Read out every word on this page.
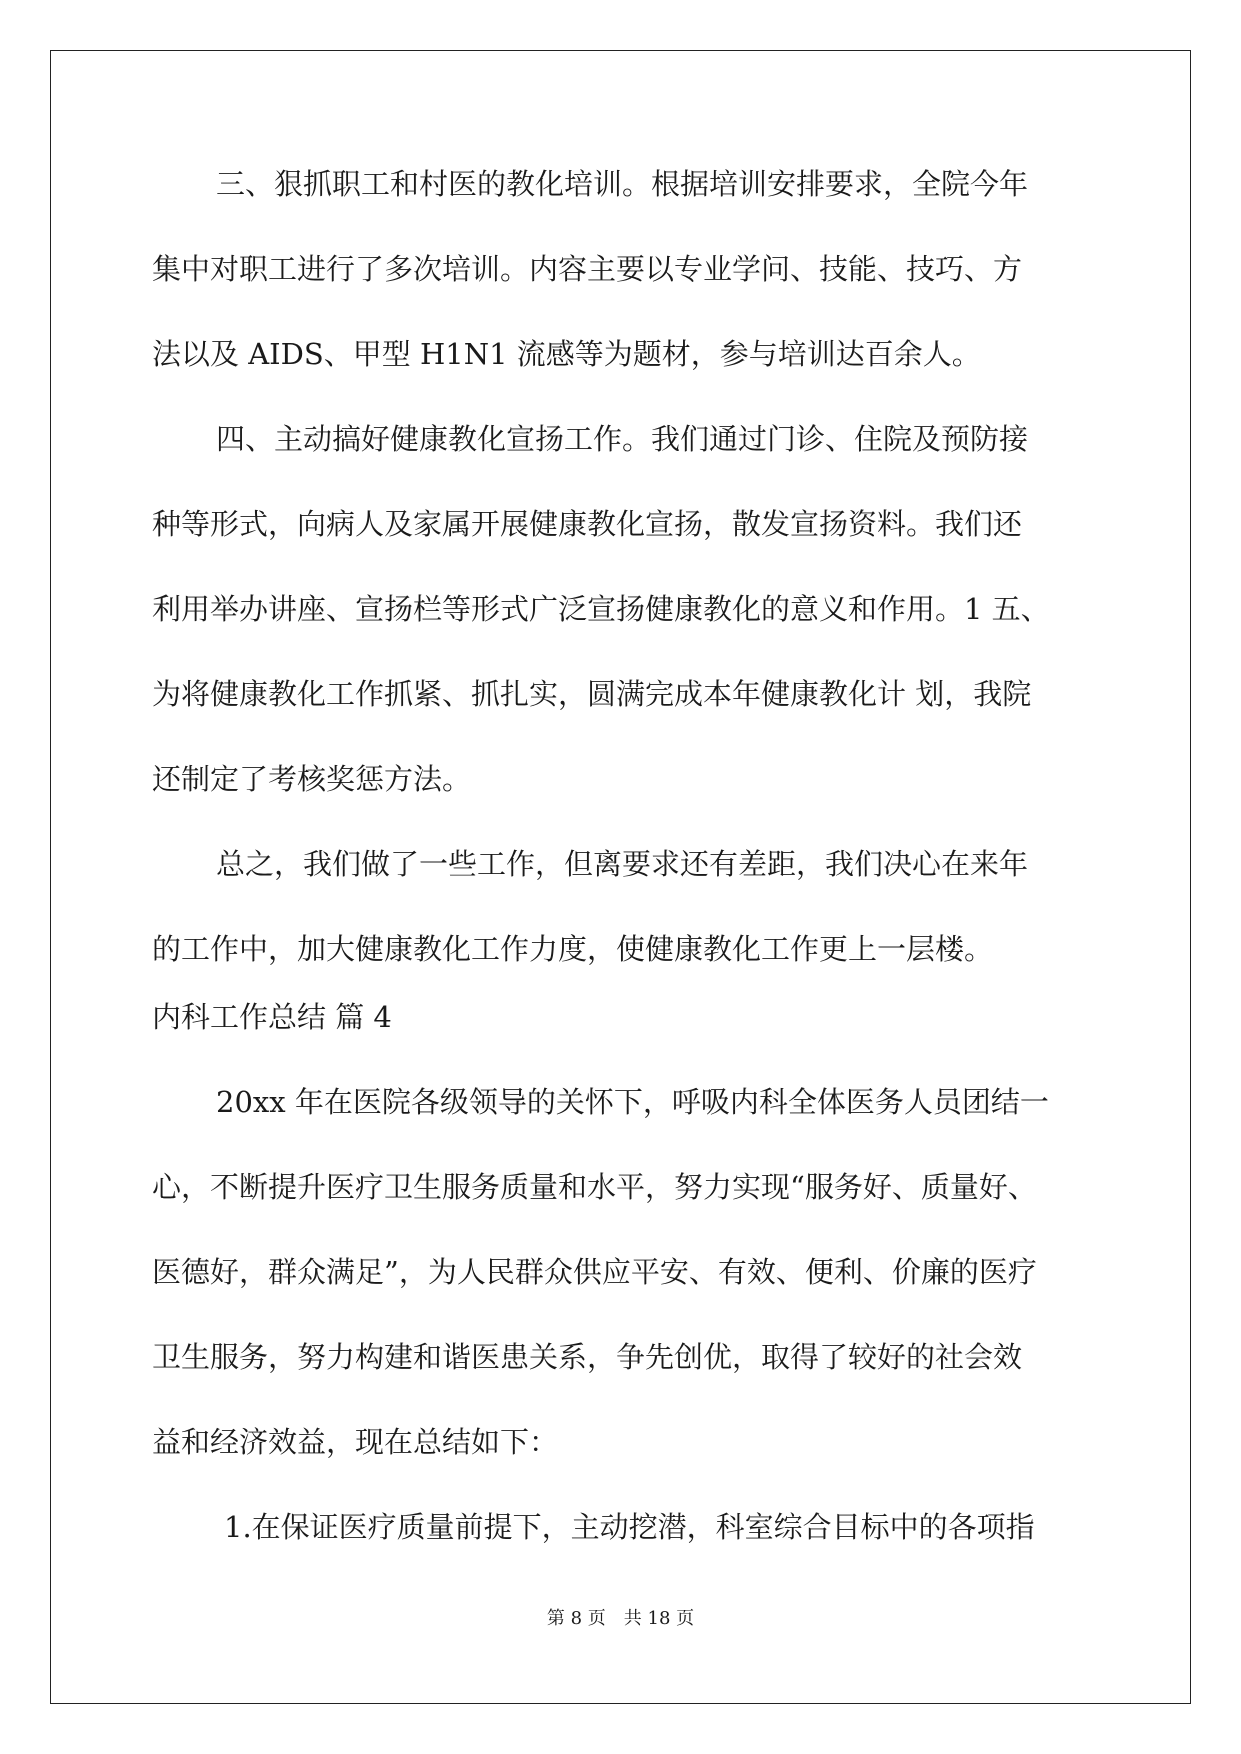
三、狠抓职工和村医的教化培训。根据培训安排要求，全院今年
集中对职工进行了多次培训。内容主要以专业学问、技能、技巧、方
法以及 AIDS、甲型 H1N1 流感等为题材，参与培训达百余人。
四、主动搞好健康教化宣扬工作。我们通过门诊、住院及预防接
种等形式，向病人及家属开展健康教化宣扬，散发宣扬资料。我们还
利用举办讲座、宣扬栏等形式广泛宣扬健康教化的意义和作用。1 五、
为将健康教化工作抓紧、抓扎实，圆满完成本年健康教化计 划，我院
还制定了考核奖惩方法。
总之，我们做了一些工作，但离要求还有差距，我们决心在来年
的工作中，加大健康教化工作力度，使健康教化工作更上一层楼。
内科工作总结 篇 4
20xx 年在医院各级领导的关怀下，呼吸内科全体医务人员团结一
心，不断提升医疗卫生服务质量和水平，努力实现“服务好、质量好、
医德好，群众满足”，为人民群众供应平安、有效、便利、价廉的医疗
卫生服务，努力构建和谐医患关系，争先创优，取得了较好的社会效
益和经济效益，现在总结如下：
1.在保证医疗质量前提下，主动挖潜，科室综合目标中的各项指
第 8 页　共 18 页
